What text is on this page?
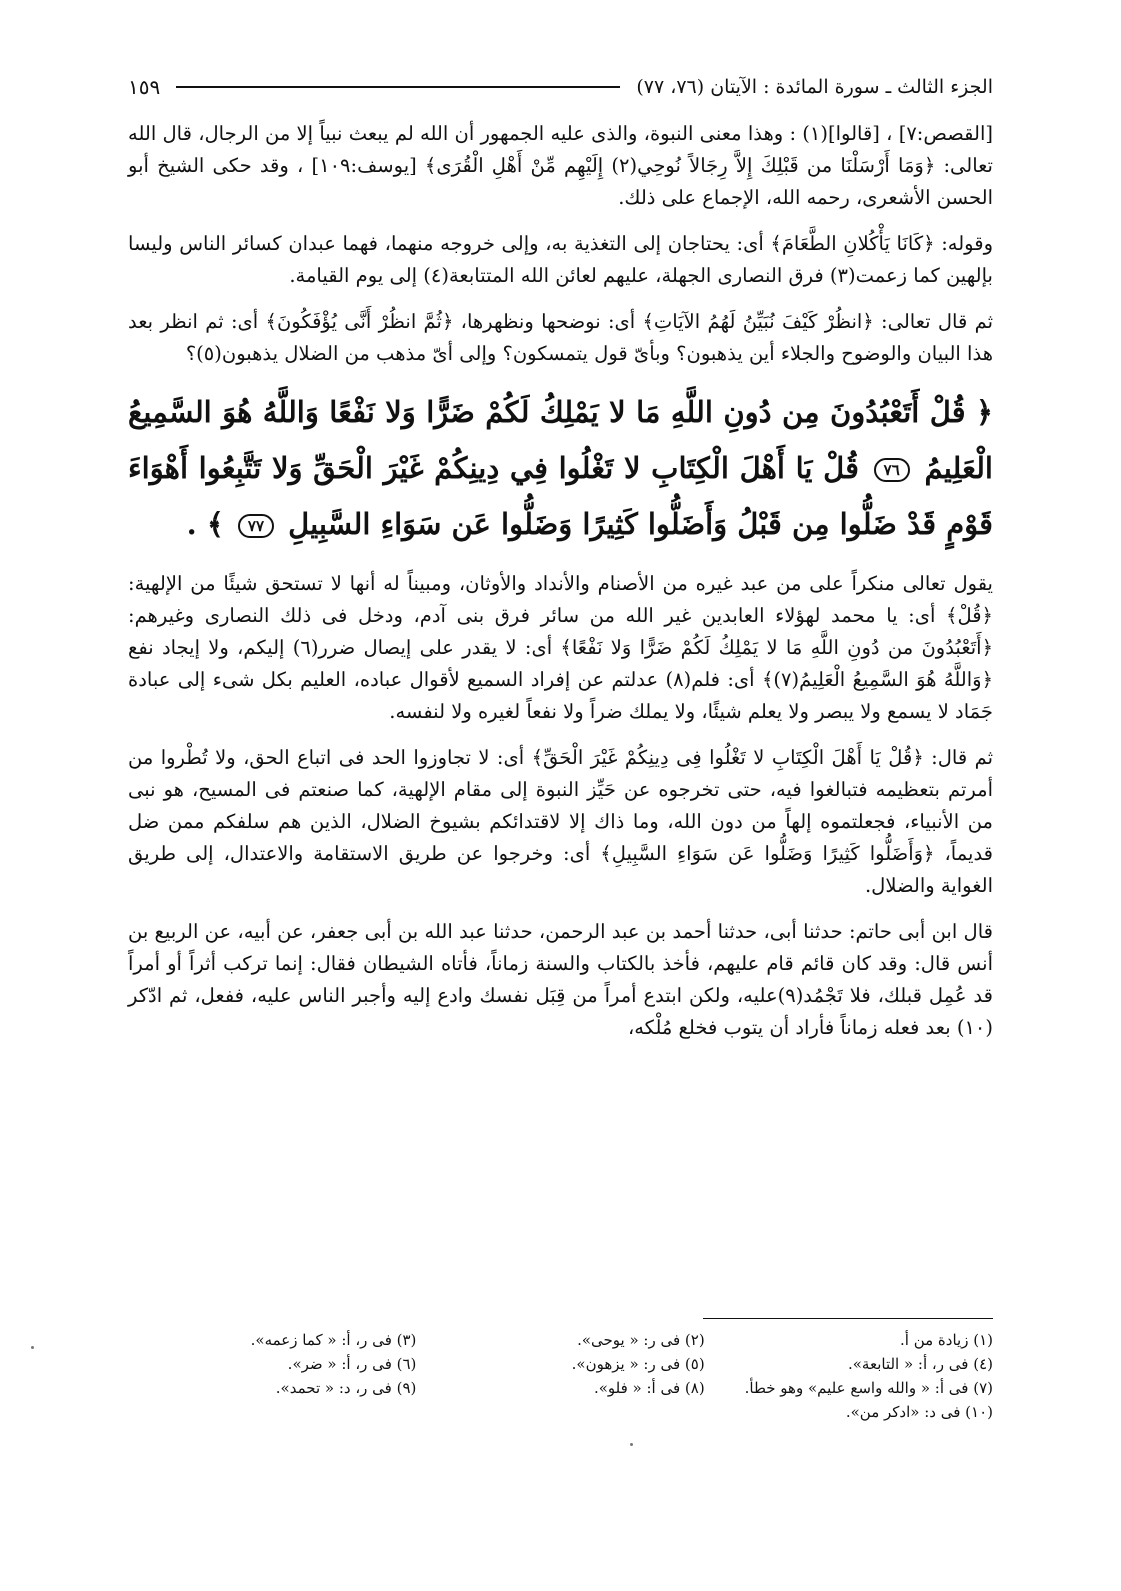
الجزء الثالث ـ سورة المائدة : الآيتان (٧٦، ٧٧)
١٥٩

[القصص:٧] ، [قالوا](١) : وهذا معنى النبوة، والذى عليه الجمهور أن الله لم يبعث نبياً إلا من الرجال، قال الله تعالى: ﴿وَمَا أَرْسَلْنَا من قَبْلِكَ إِلاَّ رِجَالاً نُوحِي(٢) إِلَيْهِم مِّنْ أَهْلِ الْقُرَى﴾ [يوسف:١٠٩] ، وقد حكى الشيخ أبو الحسن الأشعرى، رحمه الله، الإجماع على ذلك.

وقوله: ﴿كَانَا يَأْكُلانِ الطَّعَامَ﴾ أى: يحتاجان إلى التغذية به، وإلى خروجه منهما، فهما عبدان كسائر الناس وليسا بإلهين كما زعمت(٣) فرق النصارى الجهلة، عليهم لعائن الله المتتابعة(٤) إلى يوم القيامة.

ثم قال تعالى: ﴿انظُرْ كَيْفَ نُبَيِّنُ لَهُمُ الآيَاتِ﴾ أى: نوضحها ونظهرها، ﴿ثُمَّ انظُرْ أَنَّى يُؤْفَكُونَ﴾ أى: ثم انظر بعد هذا البيان والوضوح والجلاء أين يذهبون؟ وبأىّ قول يتمسكون؟ وإلى أىّ مذهب من الضلال يذهبون(٥)؟

﴿ قُلْ أَتَعْبُدُونَ مِن دُونِ اللَّهِ مَا لا يَمْلِكُ لَكُمْ ضَرًّا وَلا نَفْعًا وَاللَّهُ هُوَ السَّمِيعُ الْعَلِيمُ ٧٦ قُلْ يَا أَهْلَ الْكِتَابِ لا تَغْلُوا فِي دِينِكُمْ غَيْرَ الْحَقِّ وَلا تَتَّبِعُوا أَهْوَاءَ قَوْمٍ قَدْ ضَلُّوا مِن قَبْلُ وَأَضَلُّوا كَثِيرًا وَضَلُّوا عَن سَوَاءِ السَّبِيلِ ٧٧ ﴾ .

يقول تعالى منكراً على من عبد غيره من الأصنام والأنداد والأوثان، ومبيناً له أنها لا تستحق شيئًا من الإلهية: ﴿قُلْ﴾ أى: يا محمد لهؤلاء العابدين غير الله من سائر فرق بنى آدم، ودخل فى ذلك النصارى وغيرهم: ﴿أَتَعْبُدُونَ من دُونِ اللَّهِ مَا لا يَمْلِكُ لَكُمْ ضَرًّا وَلا نَفْعًا﴾ أى: لا يقدر على إيصال ضرر(٦) إليكم، ولا إيجاد نفع ﴿وَاللَّهُ هُوَ السَّمِيعُ الْعَلِيمُ(٧)﴾ أى: فلم(٨) عدلتم عن إفراد السميع لأقوال عباده، العليم بكل شىء إلى عبادة جَمَاد لا يسمع ولا يبصر ولا يعلم شيئًا، ولا يملك ضراً ولا نفعاً لغيره ولا لنفسه.

ثم قال: ﴿قُلْ يَا أَهْلَ الْكِتَابِ لا تَغْلُوا فِى دِينِكُمْ غَيْرَ الْحَقِّ﴾ أى: لا تجاوزوا الحد فى اتباع الحق، ولا تُطْروا من أمرتم بتعظيمه فتبالغوا فيه، حتى تخرجوه عن حَيِّز النبوة إلى مقام الإلهية، كما صنعتم فى المسيح، هو نبى من الأنبياء، فجعلتموه إلهاً من دون الله، وما ذاك إلا لاقتدائكم بشيوخ الضلال، الذين هم سلفكم ممن ضل قديماً، ﴿وَأَضَلُّوا كَثِيرًا وَضَلُّوا عَن سَوَاءِ السَّبِيلِ﴾ أى: وخرجوا عن طريق الاستقامة والاعتدال، إلى طريق الغواية والضلال.

قال ابن أبى حاتم: حدثنا أبى، حدثنا أحمد بن عبد الرحمن، حدثنا عبد الله بن أبى جعفر، عن أبيه، عن الربيع بن أنس قال: وقد كان قائم قام عليهم، فأخذ بالكتاب والسنة زماناً، فأتاه الشيطان فقال: إنما تركب أثراً أو أمراً قد عُمِل قبلك، فلا تَجْمُد(٩)عليه، ولكن ابتدع أمراً من قِبَل نفسك وادع إليه وأجبر الناس عليه، ففعل، ثم ادّكر (١٠) بعد فعله زماناً فأراد أن يتوب فخلع مُلْكه،

(١) زيادة من أ.
(٢) فى ر: « يوحى».
(٣) فى ر، أ: « كما زعمه».
(٤) فى ر، أ: « التابعة».
(٥) فى ر: « يزهون».
(٦) فى ر، أ: « ضر».
(٧) فى أ: « والله واسع عليم» وهو خطأ.
(٨) فى أ: « فلو».
(٩) فى ر، د: « تحمد».
(١٠) فى د: «ادكر من».
